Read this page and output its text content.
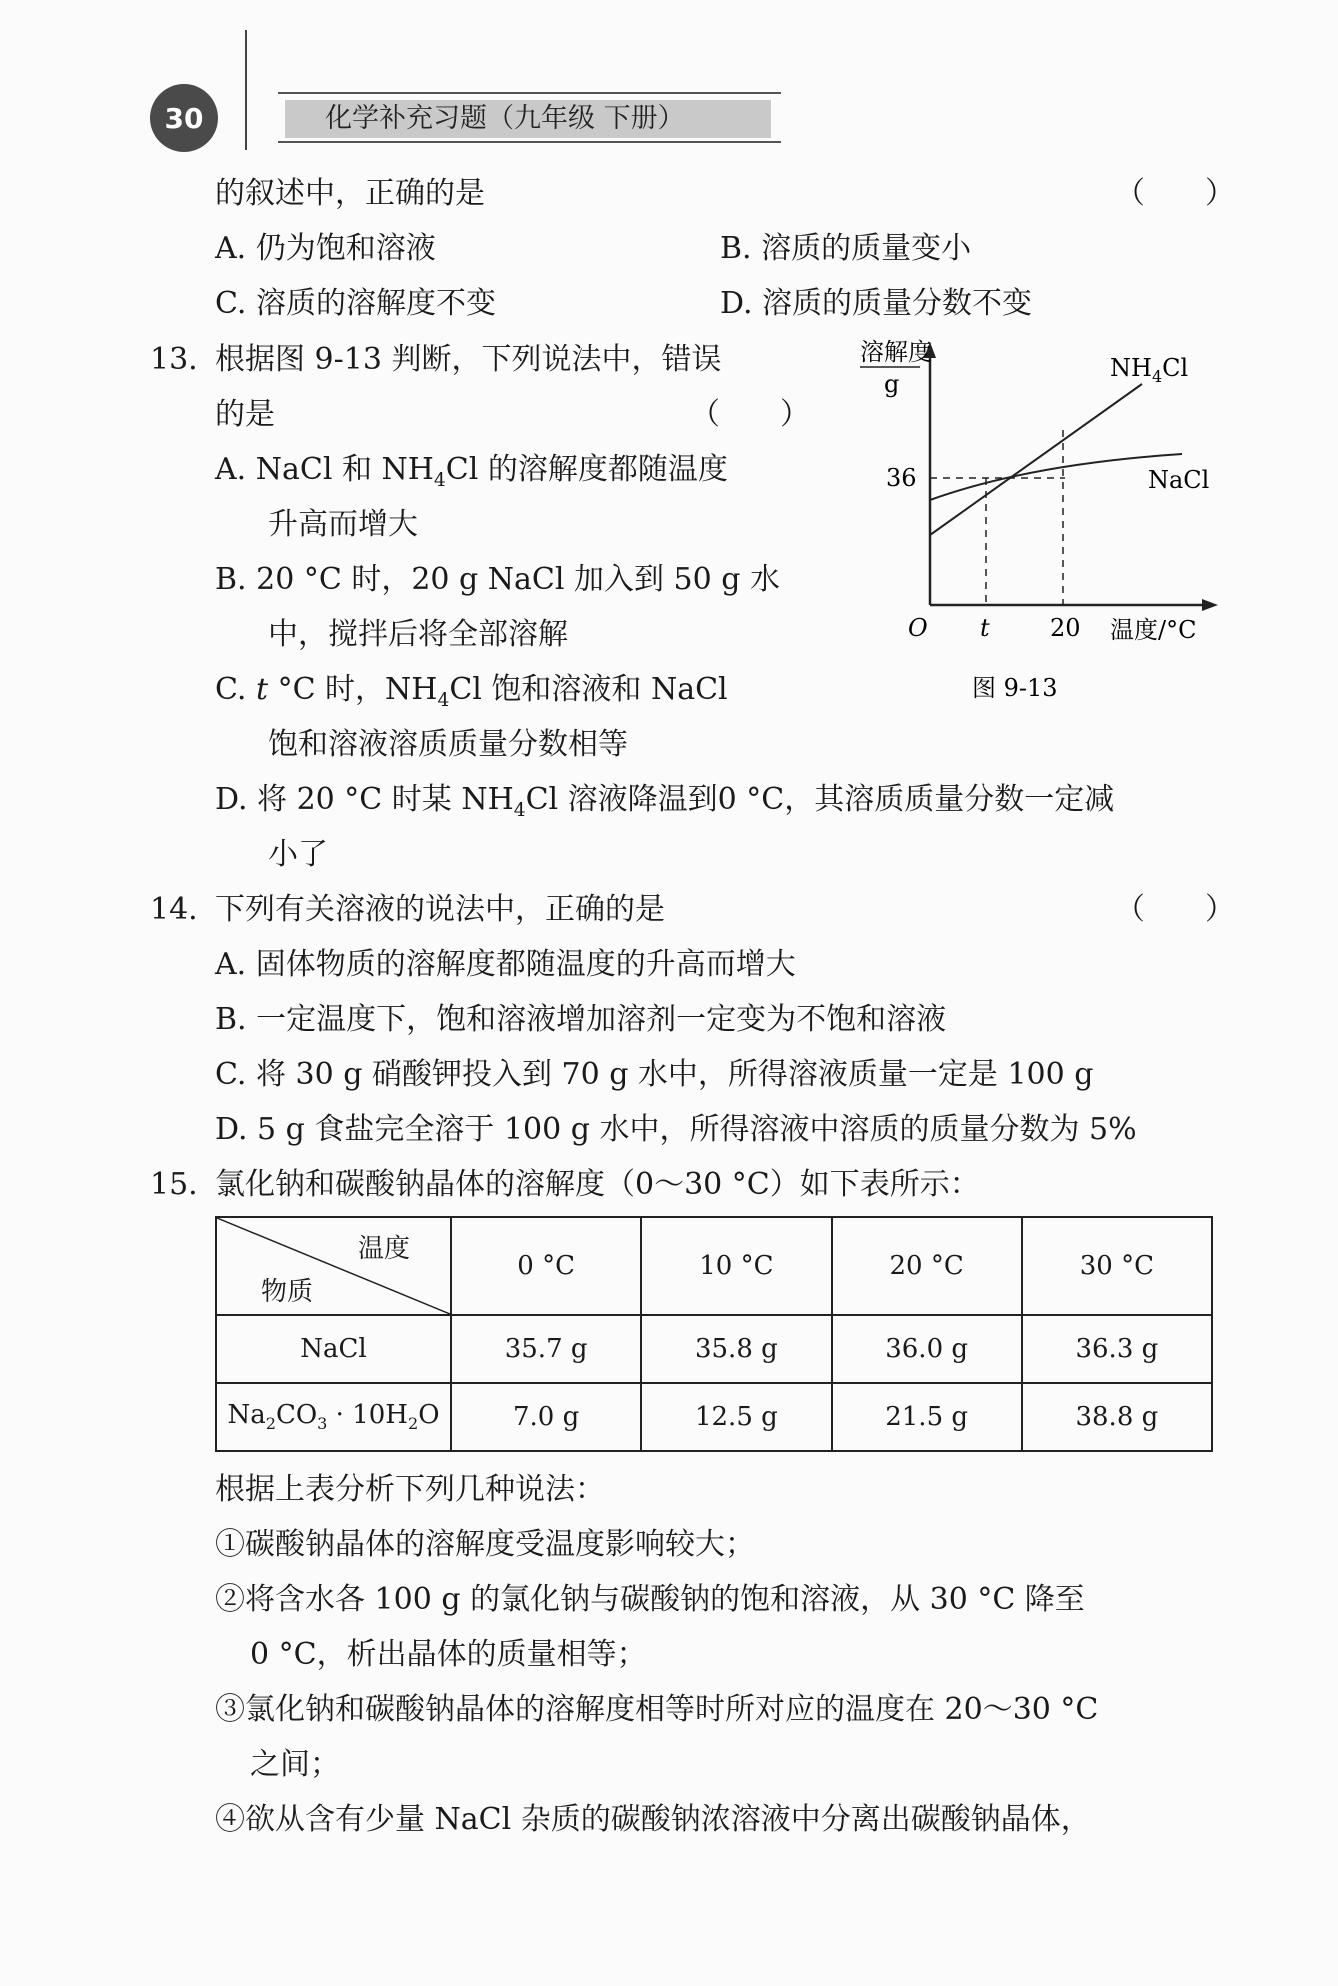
30	化学补充习题（九年级 下册）
的叙述中，正确的是	（　　）
A. 仍为饱和溶液	B. 溶质的质量变小
C. 溶质的溶解度不变	D. 溶质的质量分数不变
13. 根据图 9-13 判断，下列说法中，错误
的是	（　　）
A. NaCl 和 $NH_4Cl$ 的溶解度都随温度
升高而增大
B. 20 °C 时，20 g NaCl 加入到 50 g 水
中，搅拌后将全部溶解
C. t °C 时，$NH_4Cl$ 饱和溶液和 NaCl
饱和溶液溶质质量分数相等
D. 将 20 °C 时某 $NH_4Cl$ 溶液降温到0 °C，其溶质质量分数一定减
小了
溶解度
g
36
O t	20 温度/°C
$NH_4Cl$
NaCl
图 9-13
14. 下列有关溶液的说法中，正确的是	（　　）
A. 固体物质的溶解度都随温度的升高而增大
B. 一定温度下，饱和溶液增加溶剂一定变为不饱和溶液
C. 将 30 g 硝酸钾投入到 70 g 水中，所得溶液质量一定是 100 g
D. 5 g 食盐完全溶于 100 g 水中，所得溶液中溶质的质量分数为 5%
15. 氯化钠和碳酸钠晶体的溶解度（0～30 °C）如下表所示：
温度
物质	0 °C	10 °C	20 °C	30 °C
NaCl	35.7 g	35.8 g	36.0 g	36.3 g
$Na_2CO_3 \cdot 10H_2O$	7.0 g	12.5 g	21.5 g	38.8 g
根据上表分析下列几种说法：
①碳酸钠晶体的溶解度受温度影响较大；
②将含水各 100 g 的氯化钠与碳酸钠的饱和溶液，从 30 °C 降至
0 °C，析出晶体的质量相等；
③氯化钠和碳酸钠晶体的溶解度相等时所对应的温度在 20～30 °C
之间；
④欲从含有少量 NaCl 杂质的碳酸钠浓溶液中分离出碳酸钠晶体，
